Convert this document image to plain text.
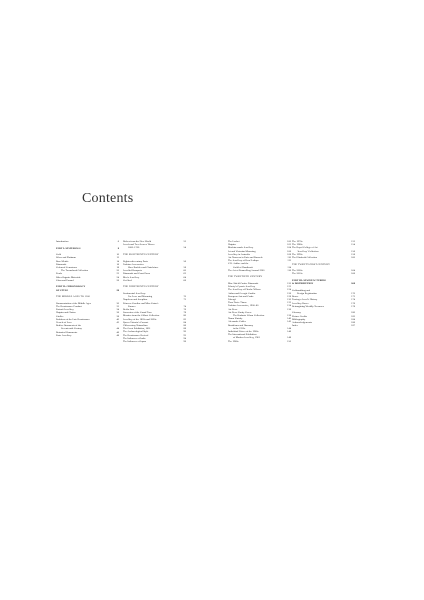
Contents
Introduction	6
PART I: MATERIALS	8
Gold	10
Silver and Platinum	12
Base Metals	14
Diamonds	16
Coloured Gemstones	18
The Townshend Collection	20
Pearls	22
Other Organic Materials	24
Glass and Enamel	26
PART II: CHRONOLOGY
OF STYLE	28
THE MIDDLE AGES TO 1500
Ornamentation of the Middle Ages	30
The Renaissance Pendant	32
Portrait Jewellery	34
Hatpins and Chains	36
Girdles	38
Emblems of the Late Renaissance	40
Vessels of Love	42
Bodice Ornaments of the
Seventeenth Century	44
Botanical Ornaments	46
Paste Jewellery	48
Riches from the New World	52
Jewels and Tree-Leaves' Rivers
1600–1700	54
THE EIGHTEENTH CENTURY
Eighteenth-century Paste	56
Fashion Accessories:
Shoe Buckles and Chatelaines	58
Jewelled Bouquets	60
Diamonds and Court Dress	62
Men's Jewellery	64
Cut Steel	66
THE NINETEENTH CENTURY
Sentimental Jewellery:
For Love and Mourning	70
Napoleon and Josephine	72
Princess Caroline and Miss Caton's
Parures	74
Berlin Iron	76
Souvenirs of the Grand Tour	78
Mosaics from the Gilbert Collection	80
Jewellery of the 1820s and 1830s	82
Queen Victoria's Coronet	84
19th-century Naturalism	86
The Great Exhibition, 1851	88
The Archaeological Style	90
The Renaissance Revival	92
The Influence of India	94
The Influence of Japan	96
The Locket	100
Hatpins	102
Machine-made Jewellery	104
Jet and Victorian Mourning	106
Jewellery in Australia	108
Art Nouveau in Paris and Brussels	110
The Jewellery of René Lalique	112
C.R. Ashbee and the
Guild of Handicraft	114
The Art of Enamelling Around 1900	116
THE TWENTIETH CENTURY
Blue Shield Cartier Diamonds	120
Liberty's Cymric Jewellery	122
The Jewellery of Phoebe Wilson	124
Arthur and Georgie Gaskin	126
European Arts and Crafts	128
Fabergé	130
Tiara Taste: Tiaras	132
Fashion Accessories, 1900–60	134
Art Deco	136
Art Deco Vanity Cases:
The Kashmir Velum Collection	138
Naum Slutzky	140
Alexander Calder	142
Brutalisms and Harmony
in the 1950s	144
Individual Voices of the 1960s	146
The International Exhibition
of Modern Jewellery, 1961	148
The 1960s	150
The 1970s	152
The 1980s	154
The Royal College of Art
'Jewellery' Collection	156
The 1990s	158
The Elizabeth Collection	160
THE TWENTY-FIRST CENTURY
The 2000s	164
The 2010s	166
PART III: MANUFACTURING
& DISTRIBUTION	168
Goldsmithing and
Design Registration	170
Boxes	172
Tracing a Jewel's History	174
Jewellery Boxes	176
Reimagining Worldly Treasures	178
Glossary	180
Picture Credits	182
Bibliography	184
Acknowledgements	186
Index	187
